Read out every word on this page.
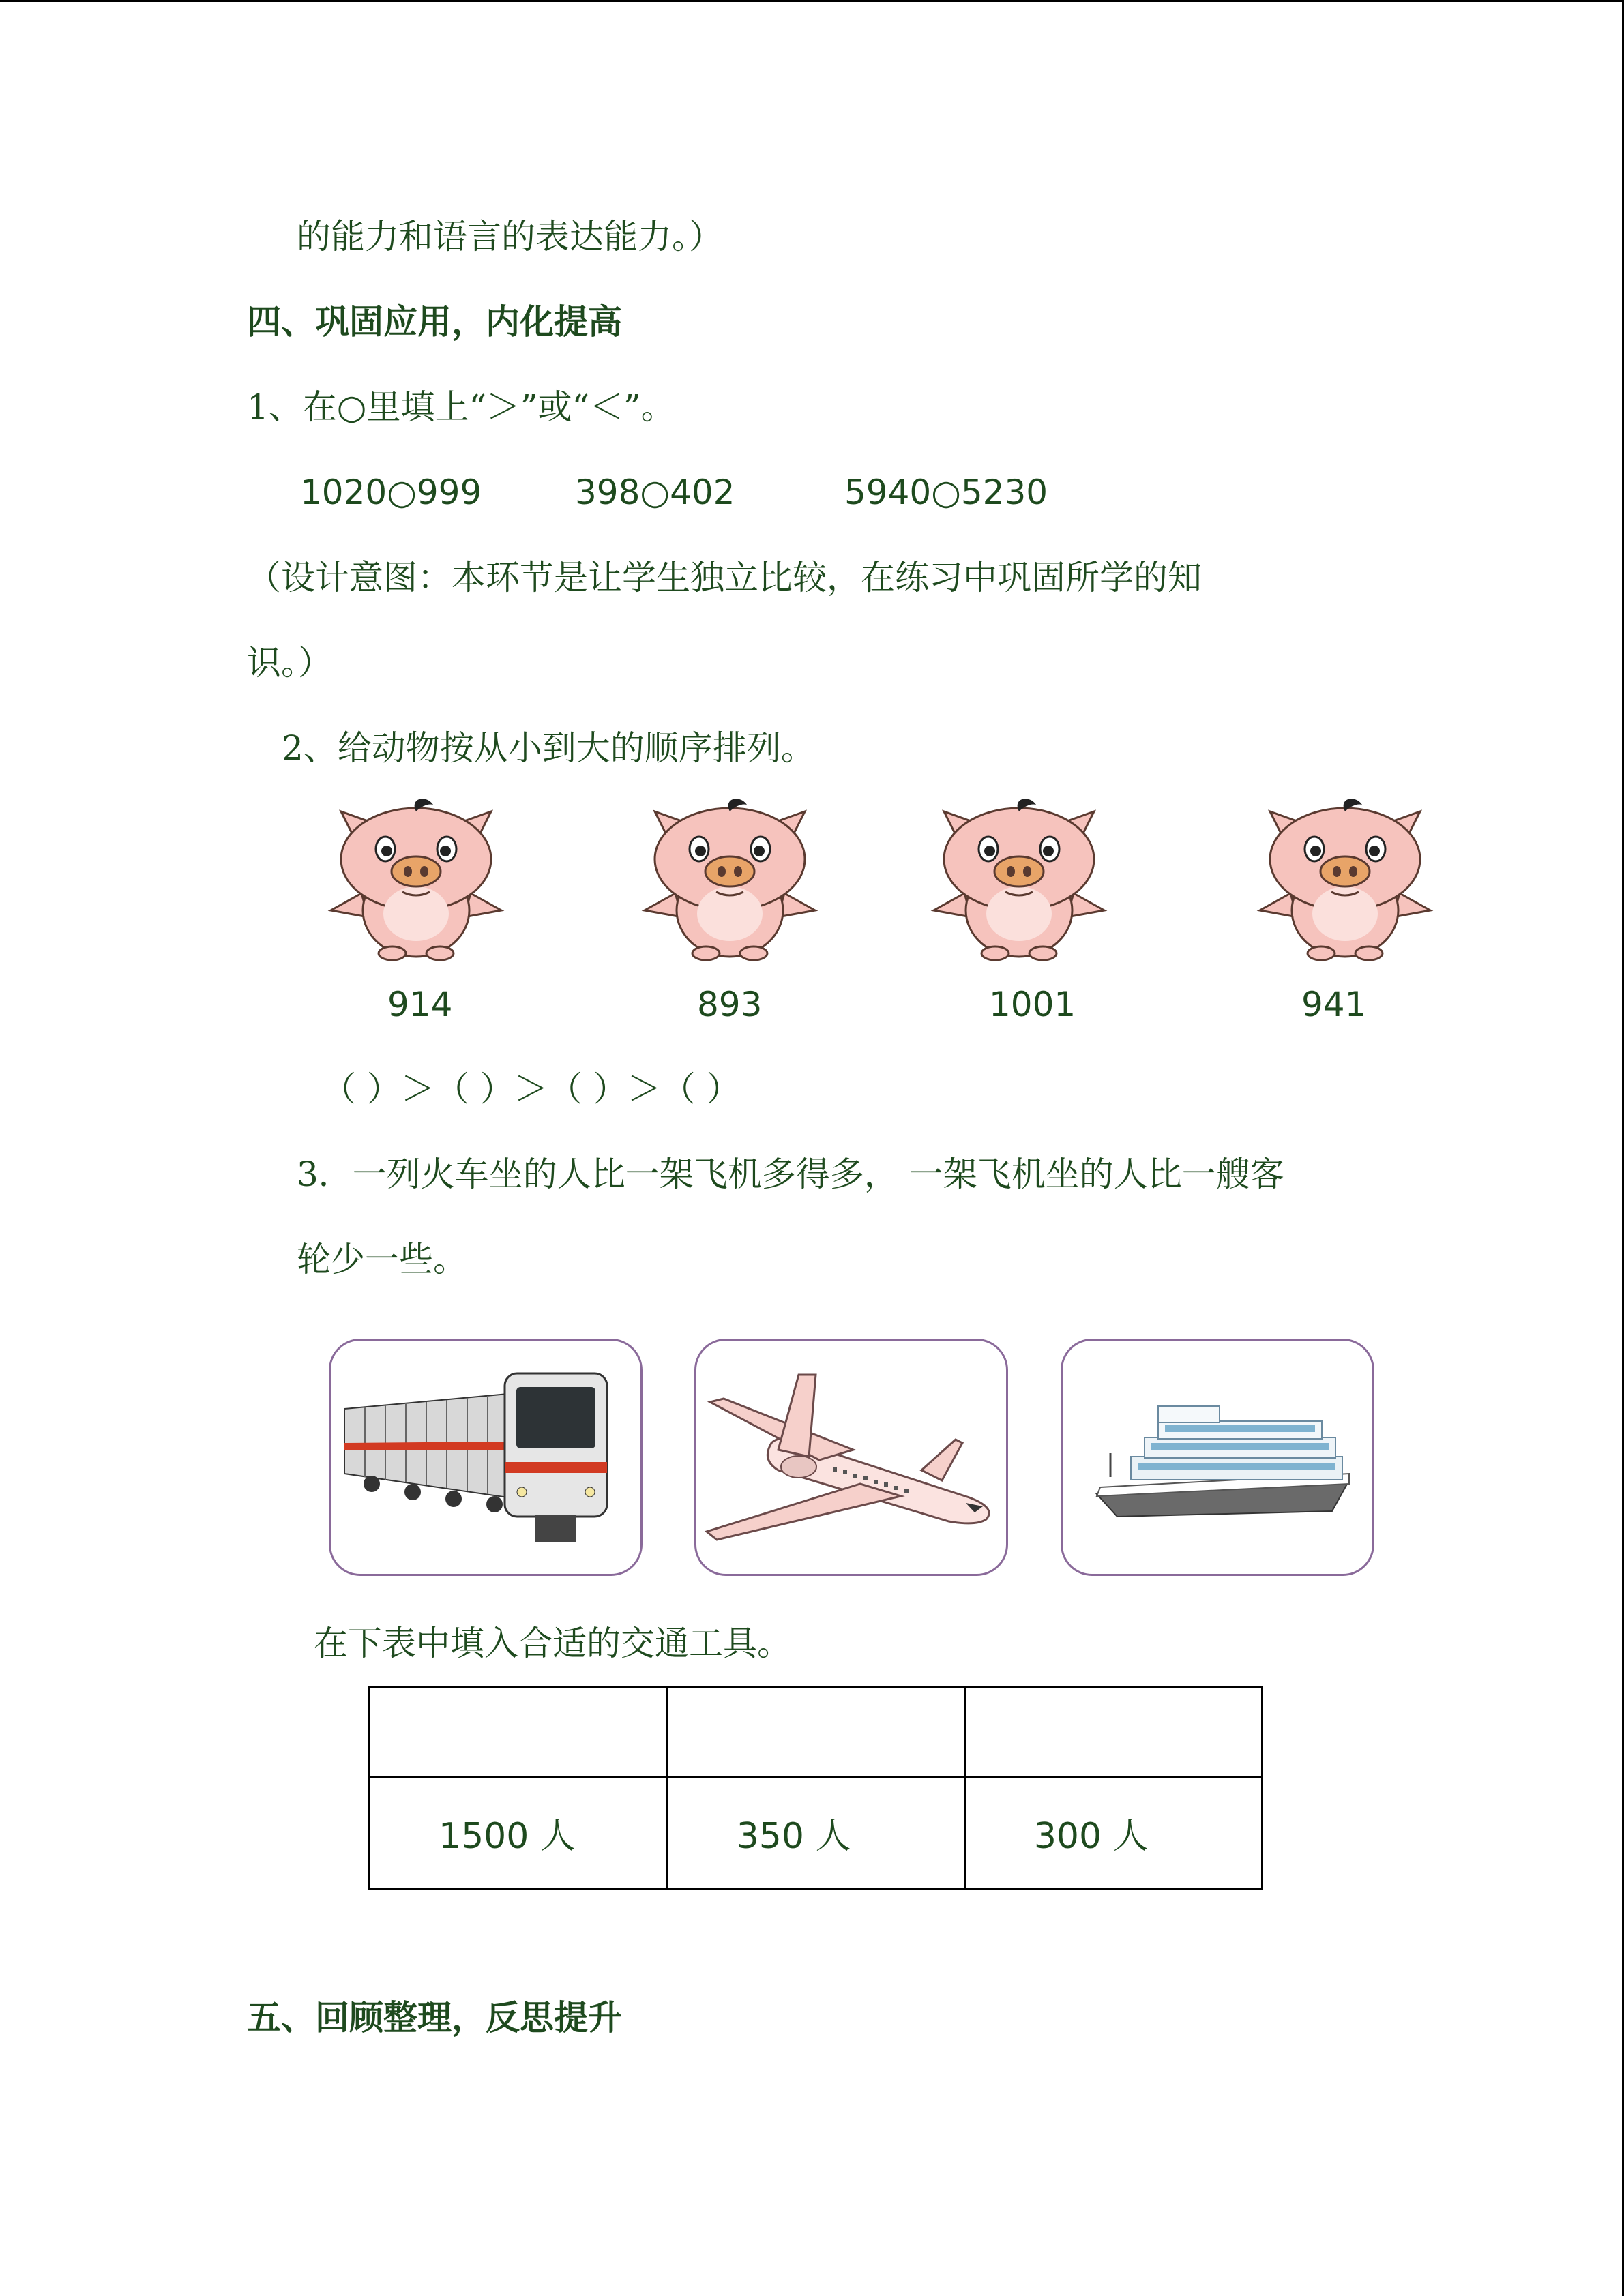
的能力和语言的表达能力。）
四、巩固应用，内化提高
1、在○里填上“＞”或“＜”。
1020○999	398○402	5940○5230
（设计意图：本环节是让学生独立比较，在练习中巩固所学的知
识。）
2、给动物按从小到大的顺序排列。
914	893	1001	941
（ ）＞（ ）＞（ ）＞（ ）
3．一列火车坐的人比一架飞机多得多， 一架飞机坐的人比一艘客
轮少一些。
在下表中填入合适的交通工具。

1500 人	350 人	300 人
五、回顾整理，反思提升
